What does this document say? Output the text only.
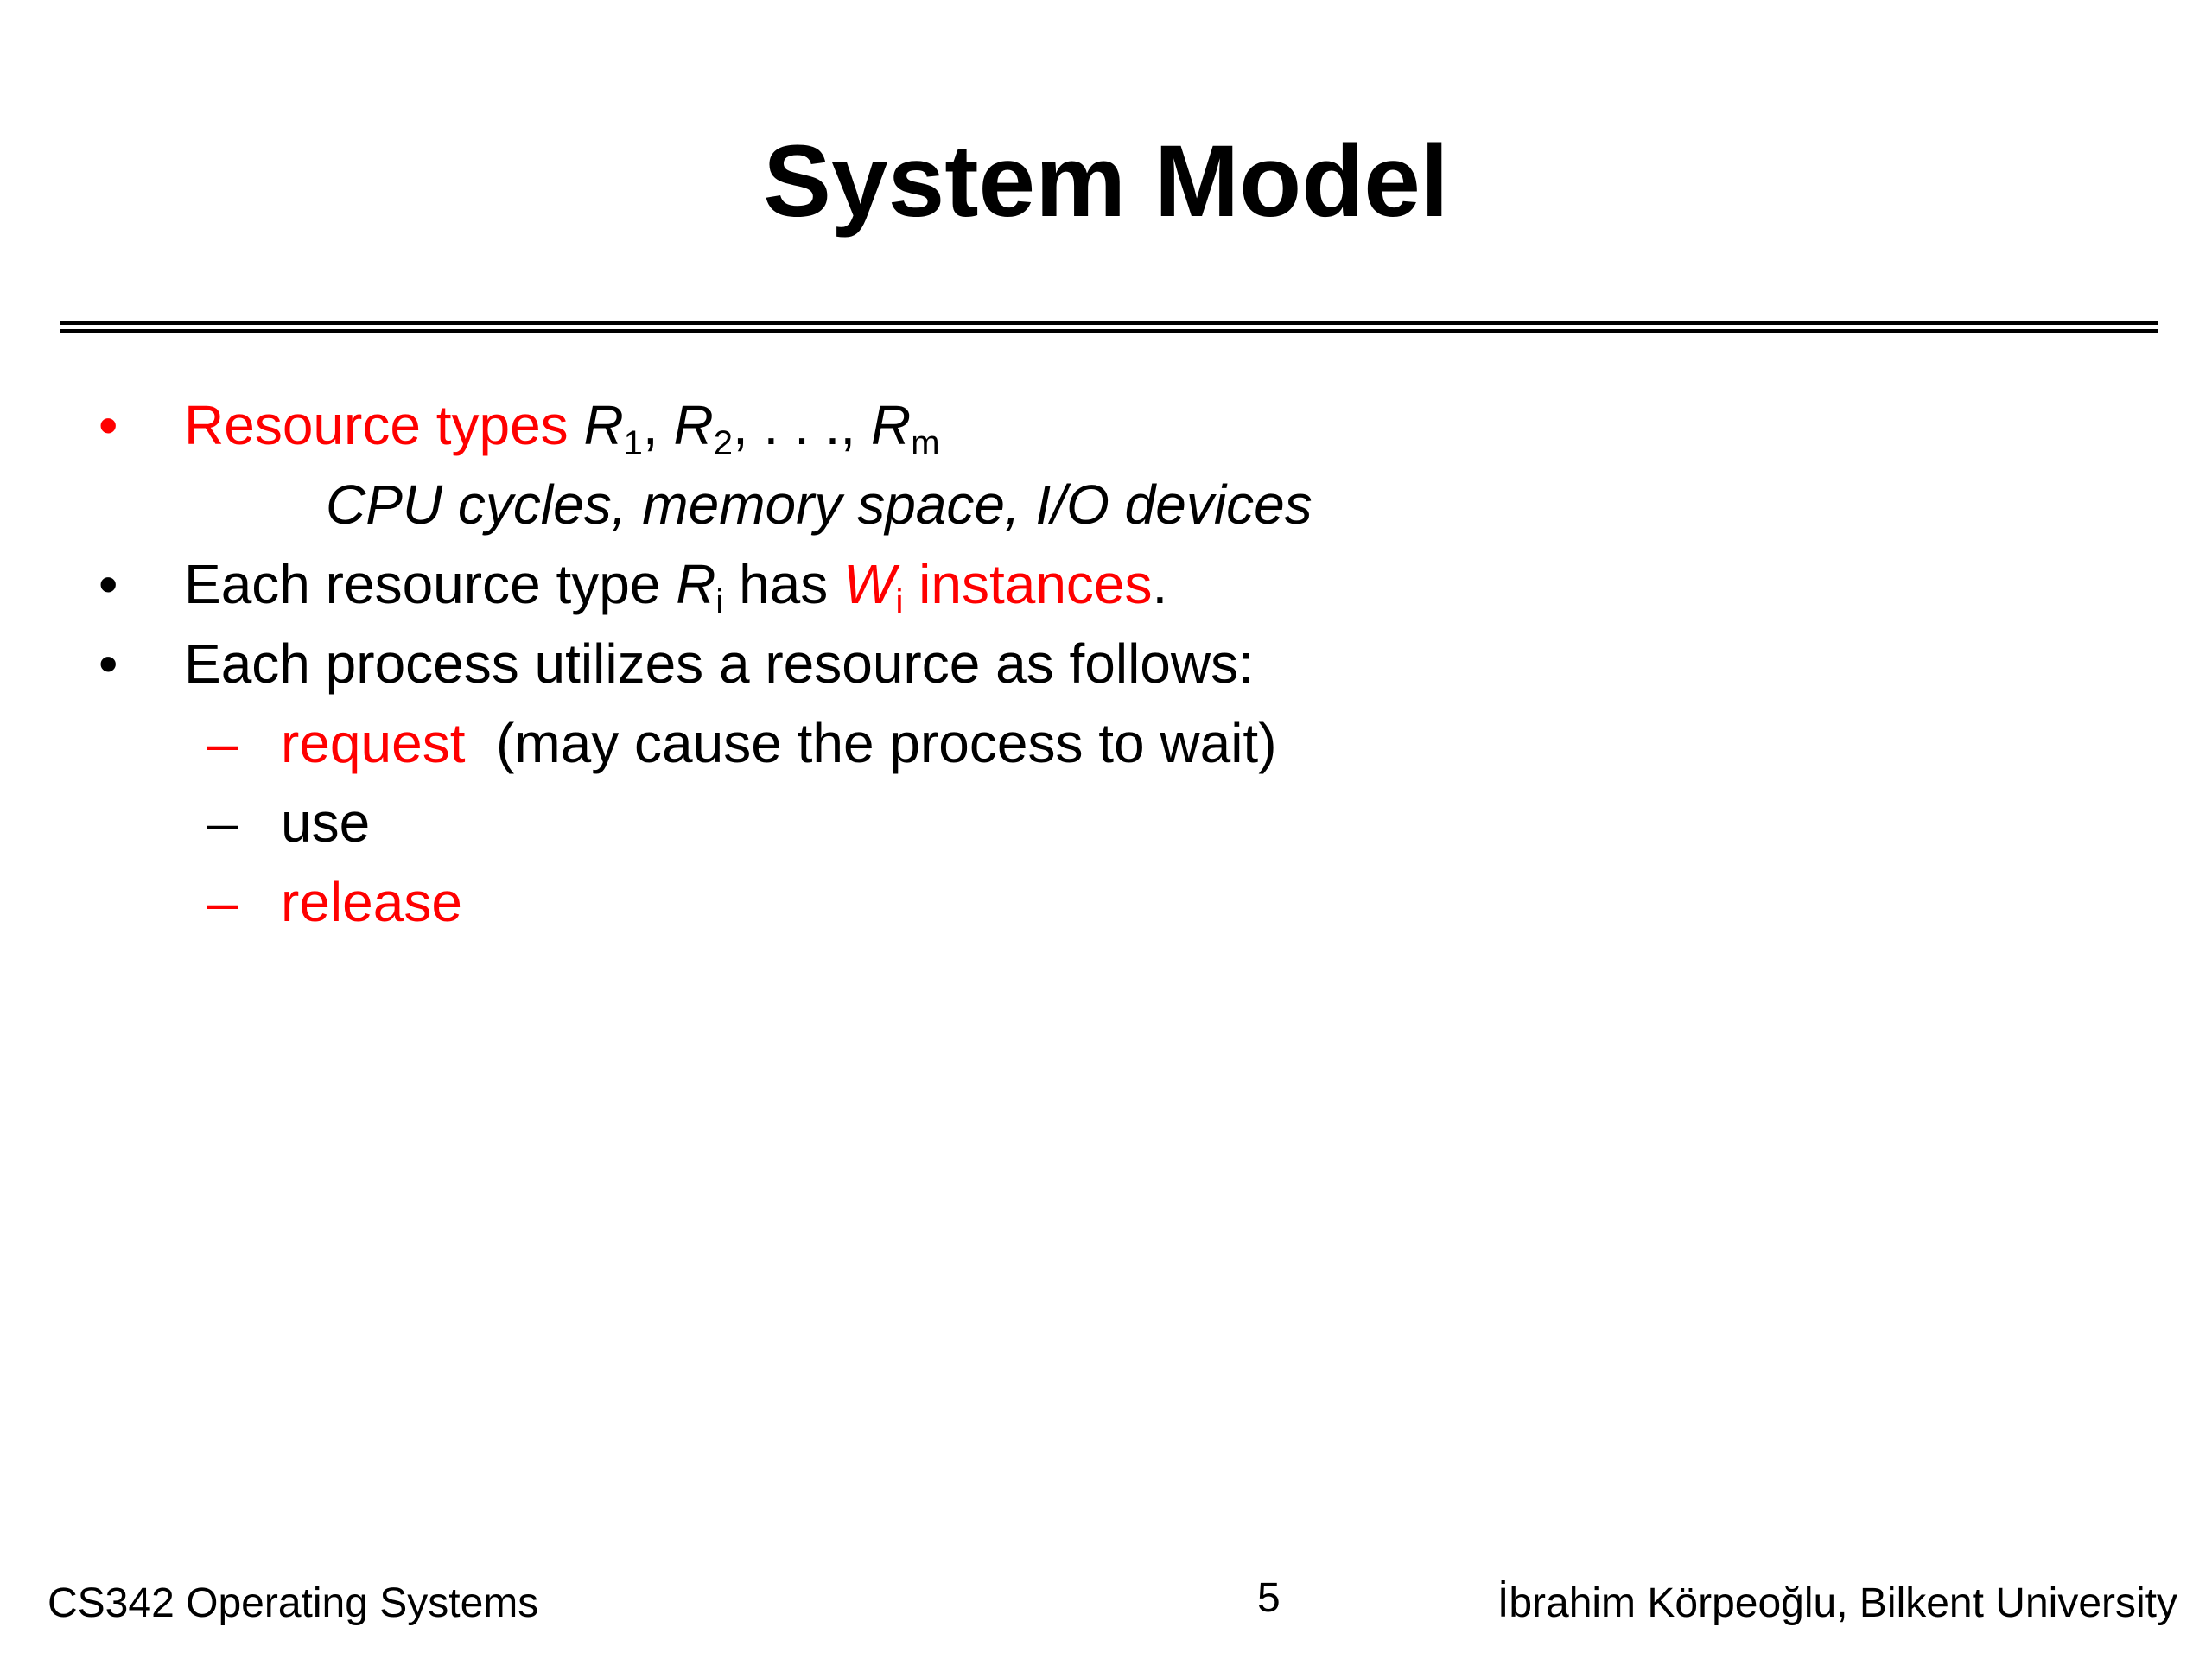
System Model
• Resource types $R_1$, $R_2$, . . ., $R_m$
CPU cycles, memory space, I/O devices
• Each resource type $R_i$ has $W_i$ instances.
• Each process utilizes a resource as follows:
– request (may cause the process to wait)
– use
– release
CS342 Operating Systems	5	İbrahim Körpeoğlu, Bilkent University
